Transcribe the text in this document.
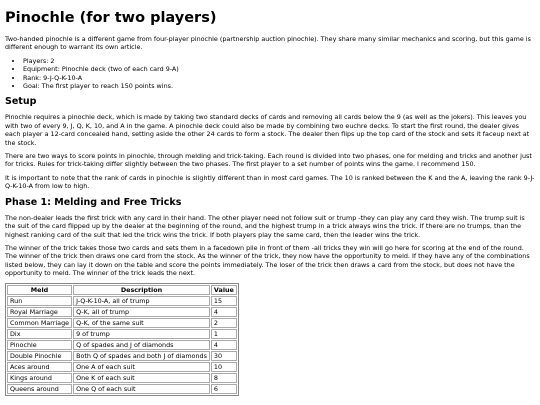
Pinochle (for two players)

Two-handed pinochle is a different game from four-player pinochle (partnership auction pinochle). They share many similar mechanics and scoring, but this game is different enough to warrant its own article.

• Players: 2
• Equipment: Pinochle deck (two of each card 9-A)
• Rank: 9-J-Q-K-10-A
• Goal: The first player to reach 150 points wins.
Setup

Pinochle requires a pinochle deck, which is made by taking two standard decks of cards and removing all cards below the 9 (as well as the jokers). This leaves you with two of every 9, J, Q, K, 10, and A in the game. A pinochle deck could also be made by combining two euchre decks. To start the first round, the dealer gives each player a 12-card concealed hand, setting aside the other 24 cards to form a stock. The dealer then flips up the top card of the stock and sets it faceup next at the stock.

There are two ways to score points in pinochle, through melding and trick-taking. Each round is divided into two phases, one for melding and tricks and another just for tricks. Rules for trick-taking differ slightly between the two phases. The first player to a set number of points wins the game. I recommend 150.

It is important to note that the rank of cards in pinochle is slightly different than in most card games. The 10 is ranked between the K and the A, leaving the rank 9-J-Q-K-10-A from low to high.

Phase 1: Melding and Free Tricks

The non-dealer leads the first trick with any card in their hand. The other player need not follow suit or trump -they can play any card they wish. The trump suit is the suit of the card flipped up by the dealer at the beginning of the round, and the highest trump in a trick always wins the trick. If there are no trumps, than the highest ranking card of the suit that led the trick wins the trick. If both players play the same card, then the leader wins the trick.

The winner of the trick takes those two cards and sets them in a facedown pile in front of them -all tricks they win will go here for scoring at the end of the round. The winner of the trick then draws one card from the stock. As the winner of the trick, they now have the opportunity to meld. If they have any of the combinations listed below, they can lay it down on the table and score the points immediately. The loser of the trick then draws a card from the stock, but does not have the opportunity to meld. The winner of the trick leads the next.

Meld	Description	Value
Run	J-Q-K-10-A, all of trump	15
Royal Marriage	Q-K, all of trump	4
Common Marriage	Q-K, of the same suit	2
Dix	9 of trump	1
Pinochle	Q of spades and J of diamonds	4
Double Pinochle	Both Q of spades and both J of diamonds	30
Aces around	One A of each suit	10
Kings around	One K of each suit	8
Queens around	One Q of each suit	6
